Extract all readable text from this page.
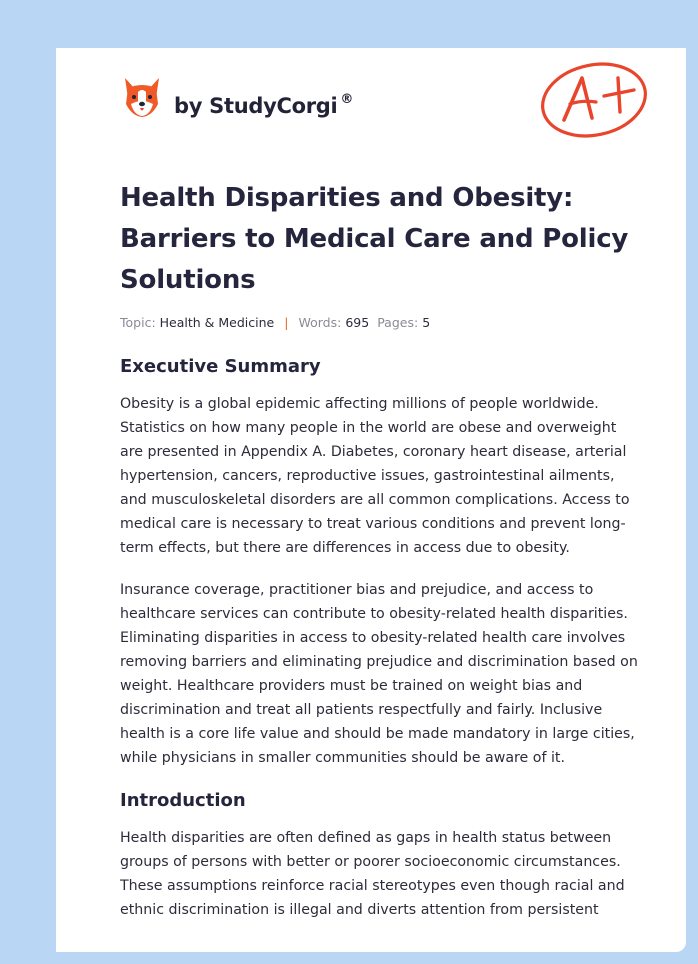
by StudyCorgi ®
Health Disparities and Obesity: Barriers to Medical Care and Policy Solutions
Topic: Health & Medicine | Words: 695 Pages: 5
Executive Summary

Obesity is a global epidemic affecting millions of people worldwide. Statistics on how many people in the world are obese and overweight are presented in Appendix A. Diabetes, coronary heart disease, arterial hypertension, cancers, reproductive issues, gastrointestinal ailments, and musculoskeletal disorders are all common complications. Access to medical care is necessary to treat various conditions and prevent long-term effects, but there are differences in access due to obesity.

Insurance coverage, practitioner bias and prejudice, and access to healthcare services can contribute to obesity-related health disparities. Eliminating disparities in access to obesity-related health care involves removing barriers and eliminating prejudice and discrimination based on weight. Healthcare providers must be trained on weight bias and discrimination and treat all patients respectfully and fairly. Inclusive health is a core life value and should be made mandatory in large cities, while physicians in smaller communities should be aware of it.

Introduction

Health disparities are often defined as gaps in health status between groups of persons with better or poorer socioeconomic circumstances. These assumptions reinforce racial stereotypes even though racial and ethnic discrimination is illegal and diverts attention from persistent
